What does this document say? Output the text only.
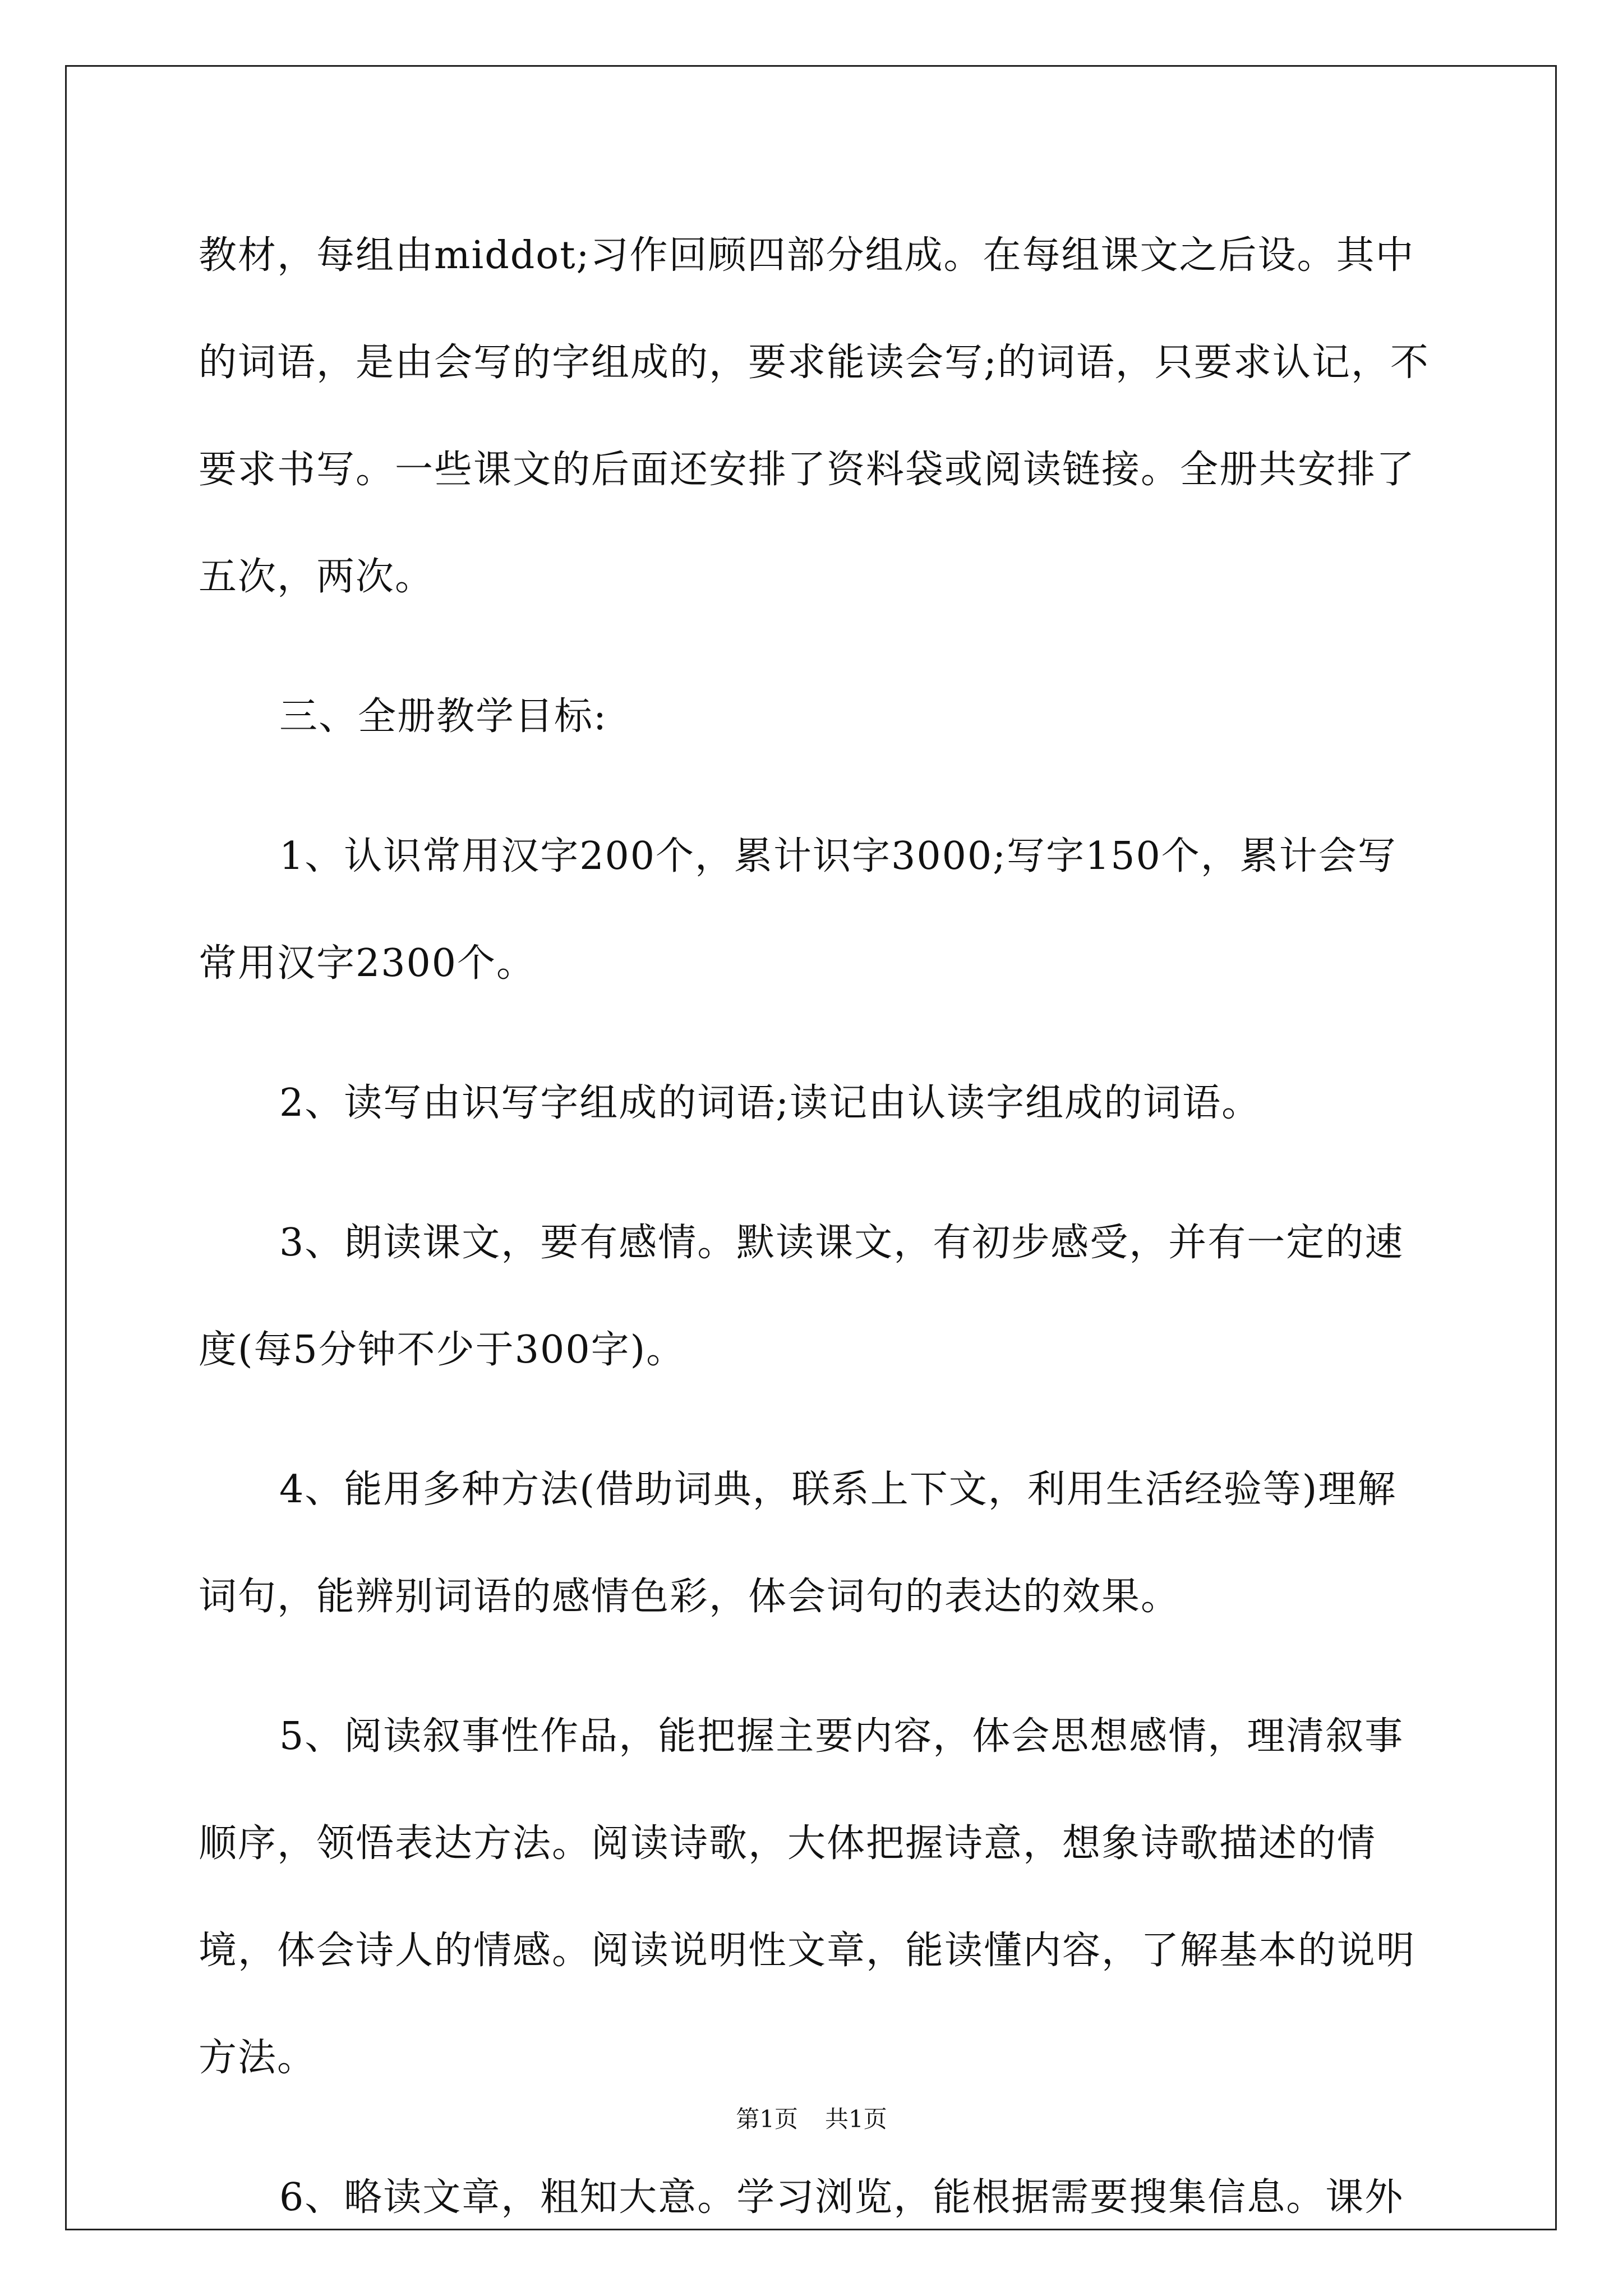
教材，每组由middot;习作回顾四部分组成。在每组课文之后设。其中的词语，是由会写的字组成的，要求能读会写;的词语，只要求认记，不要求书写。一些课文的后面还安排了资料袋或阅读链接。全册共安排了五次，两次。

三、全册教学目标:

1、认识常用汉字200个，累计识字3000;写字150个，累计会写常用汉字2300个。

2、读写由识写字组成的词语;读记由认读字组成的词语。

3、朗读课文，要有感情。默读课文，有初步感受，并有一定的速度(每5分钟不少于300字)。

4、能用多种方法(借助词典，联系上下文，利用生活经验等)理解词句，能辨别词语的感情色彩，体会词句的表达的效果。

5、阅读叙事性作品，能把握主要内容，体会思想感情，理清叙事顺序，领悟表达方法。阅读诗歌，大体把握诗意，想象诗歌描述的情境，体会诗人的情感。阅读说明性文章，能读懂内容，了解基本的说明方法。

6、略读文章，粗知大意。学习浏览，能根据需要搜集信息。课外

第1页 共1页
